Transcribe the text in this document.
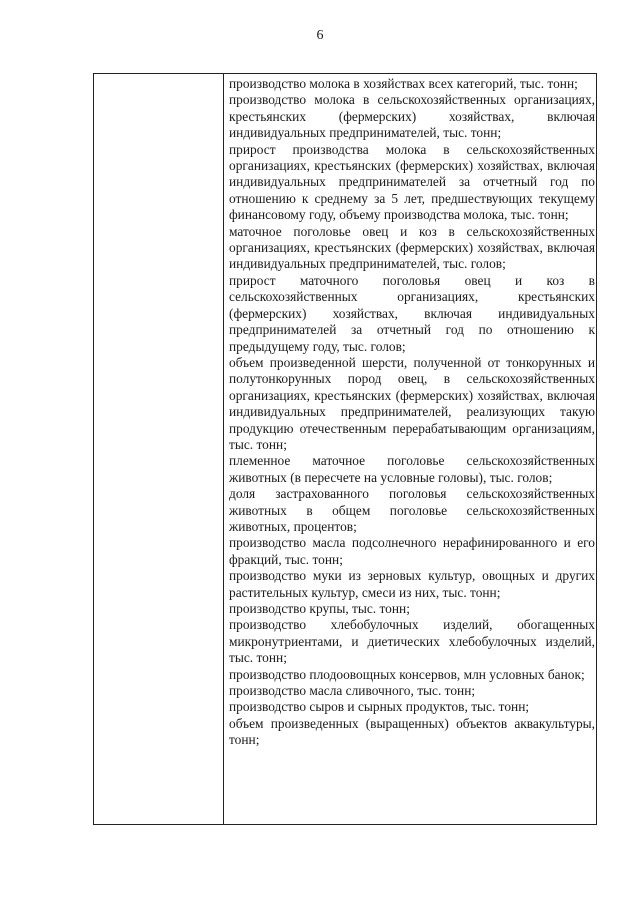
6

производство молока в хозяйствах всех категорий, тыс. тонн;

производство молока в сельскохозяйственных организациях, крестьянских (фермерских) хозяйствах, включая индивидуальных предпринимателей, тыс. тонн;

прирост производства молока в сельскохозяйственных организациях, крестьянских (фермерских) хозяйствах, включая индивидуальных предпринимателей за отчетный год по отношению к среднему за 5 лет, предшествующих текущему финансовому году, объему производства молока, тыс. тонн;

маточное поголовье овец и коз в сельскохозяйственных организациях, крестьянских (фермерских) хозяйствах, включая индивидуальных предпринимателей, тыс. голов;

прирост маточного поголовья овец и коз в сельскохозяйственных организациях, крестьянских (фермерских) хозяйствах, включая индивидуальных предпринимателей за отчетный год по отношению к предыдущему году, тыс. голов;

объем произведенной шерсти, полученной от тонкорунных и полутонкорунных пород овец, в сельскохозяйственных организациях, крестьянских (фермерских) хозяйствах, включая индивидуальных предпринимателей, реализующих такую продукцию отечественным перерабатывающим организациям, тыс. тонн;

племенное маточное поголовье сельскохозяйственных животных (в пересчете на условные головы), тыс. голов;

доля застрахованного поголовья сельскохозяйственных животных в общем поголовье сельскохозяйственных животных, процентов;

производство масла подсолнечного нерафинированного и его фракций, тыс. тонн;

производство муки из зерновых культур, овощных и других растительных культур, смеси из них, тыс. тонн;

производство крупы, тыс. тонн;

производство хлебобулочных изделий, обогащенных микронутриентами, и диетических хлебобулочных изделий, тыс. тонн;

производство плодоовощных консервов, млн условных банок;

производство масла сливочного, тыс. тонн;

производство сыров и сырных продуктов, тыс. тонн;

объем произведенных (выращенных) объектов аквакультуры, тонн;
